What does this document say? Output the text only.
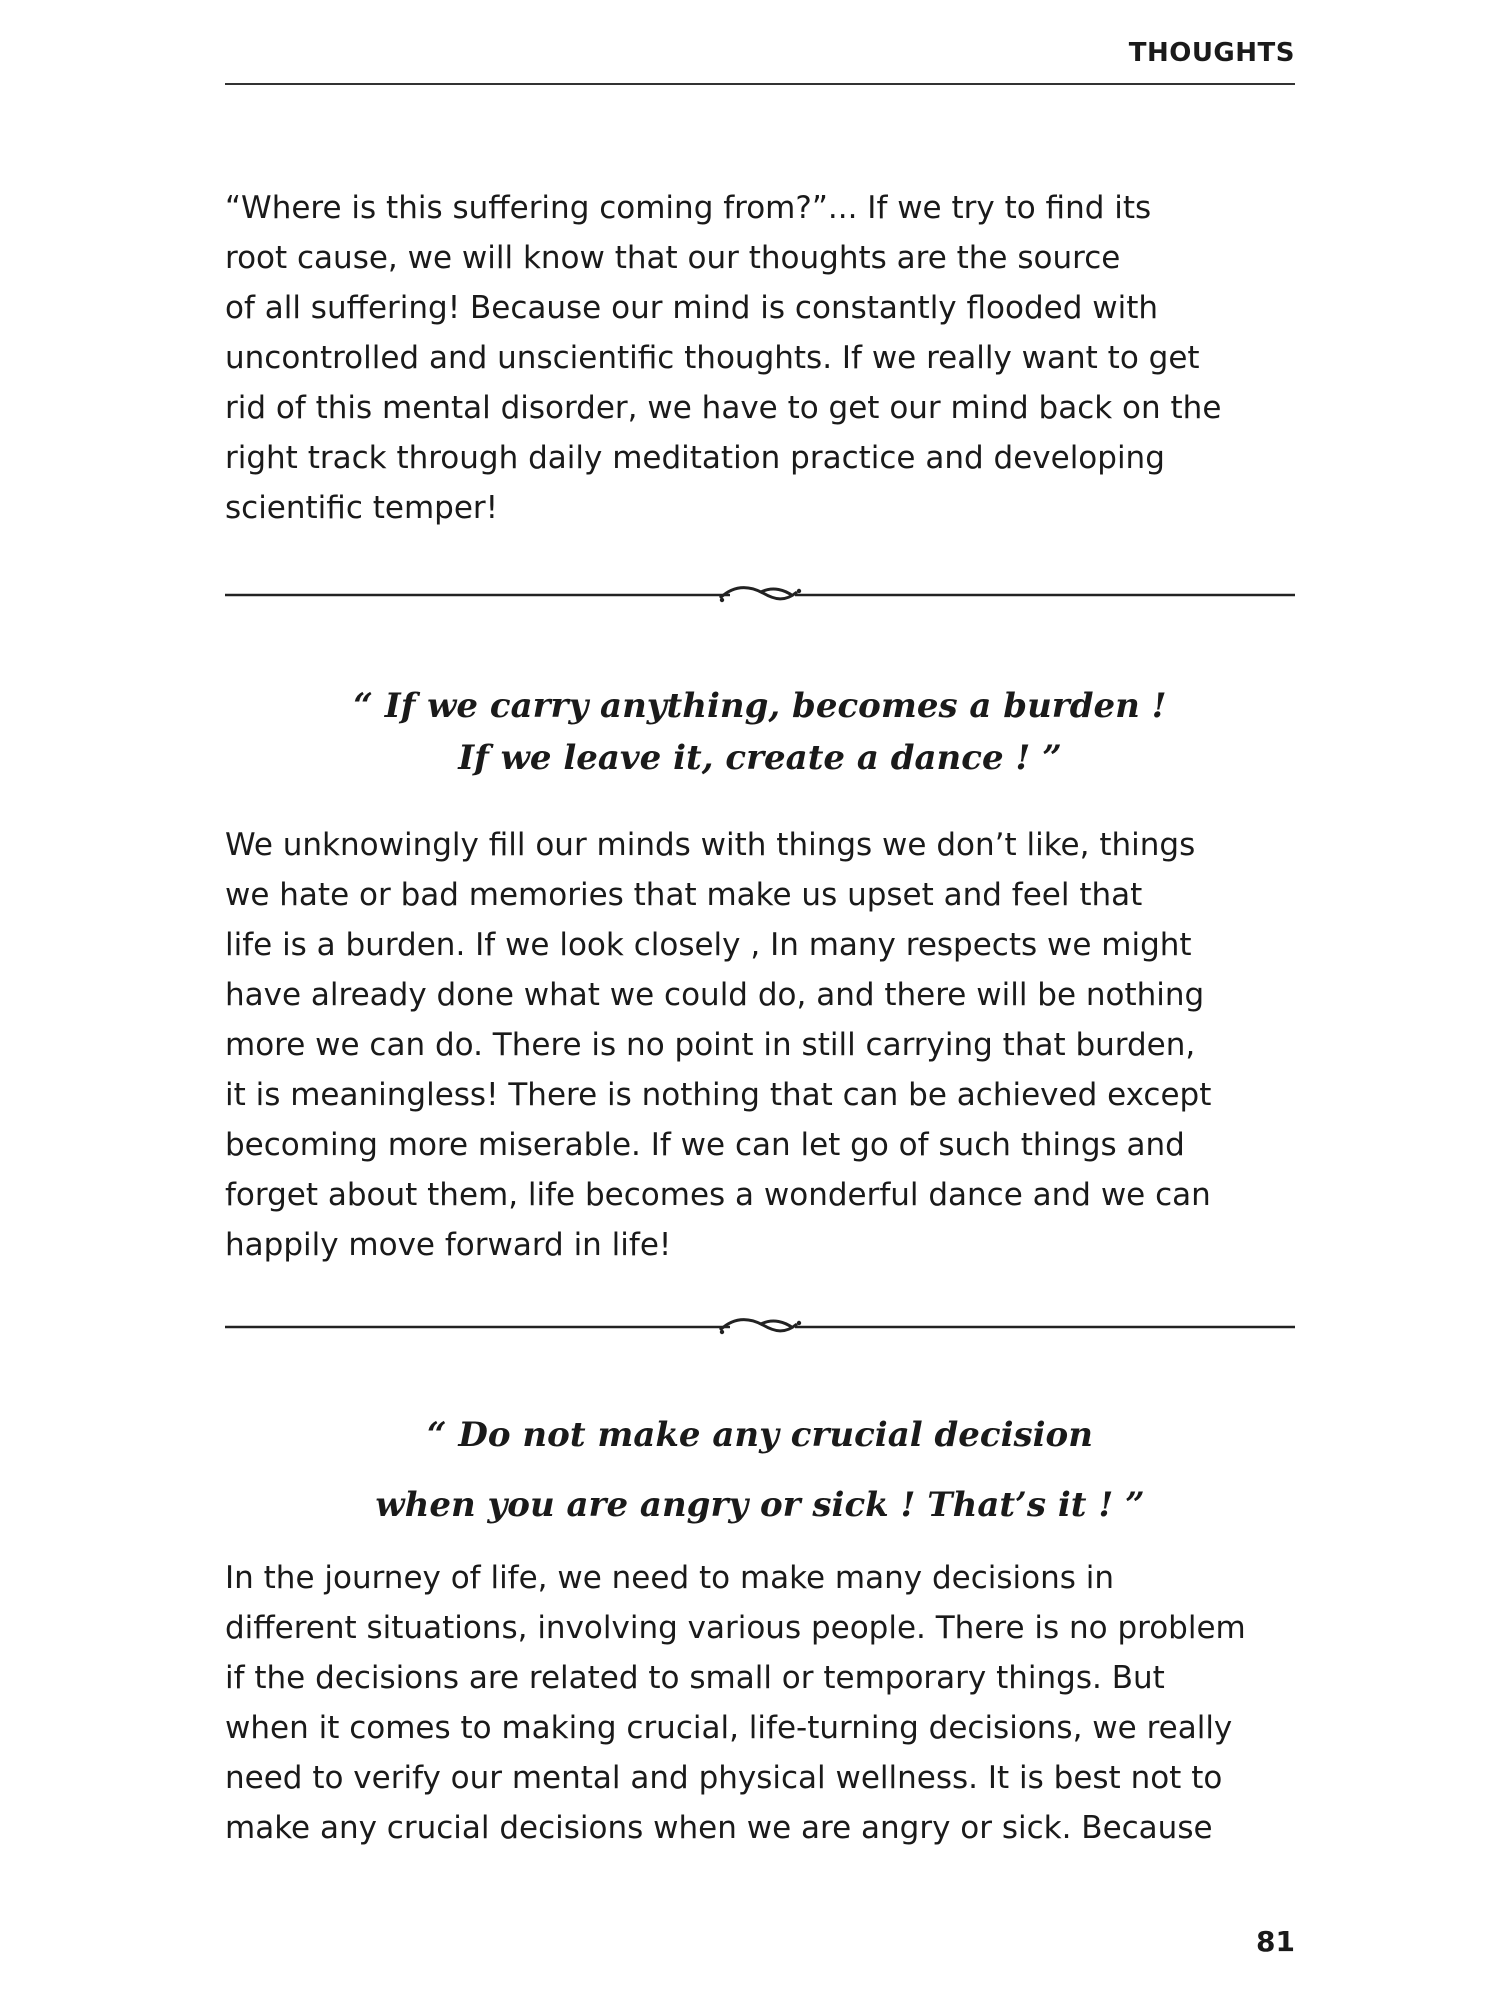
THOUGHTS
“Where is this suffering coming from?”... If we try to find its
root cause, we will know that our thoughts are the source
of all suffering! Because our mind is constantly flooded with
uncontrolled and unscientific thoughts. If we really want to get
rid of this mental disorder, we have to get our mind back on the
right track through daily meditation practice and developing
scientific temper!
“ If we carry anything, becomes a burden !
If we leave it, create a dance ! ”
We unknowingly fill our minds with things we don’t like, things
we hate or bad memories that make us upset and feel that
life is a burden. If we look closely , In many respects we might
have already done what we could do, and there will be nothing
more we can do. There is no point in still carrying that burden,
it is meaningless! There is nothing that can be achieved except
becoming more miserable. If we can let go of such things and
forget about them, life becomes a wonderful dance and we can
happily move forward in life!
“ Do not make any crucial decision
when you are angry or sick ! That’s it ! ”
In the journey of life, we need to make many decisions in
different situations, involving various people. There is no problem
if the decisions are related to small or temporary things. But
when it comes to making crucial, life-turning decisions, we really
need to verify our mental and physical wellness. It is best not to
make any crucial decisions when we are angry or sick. Because
81
